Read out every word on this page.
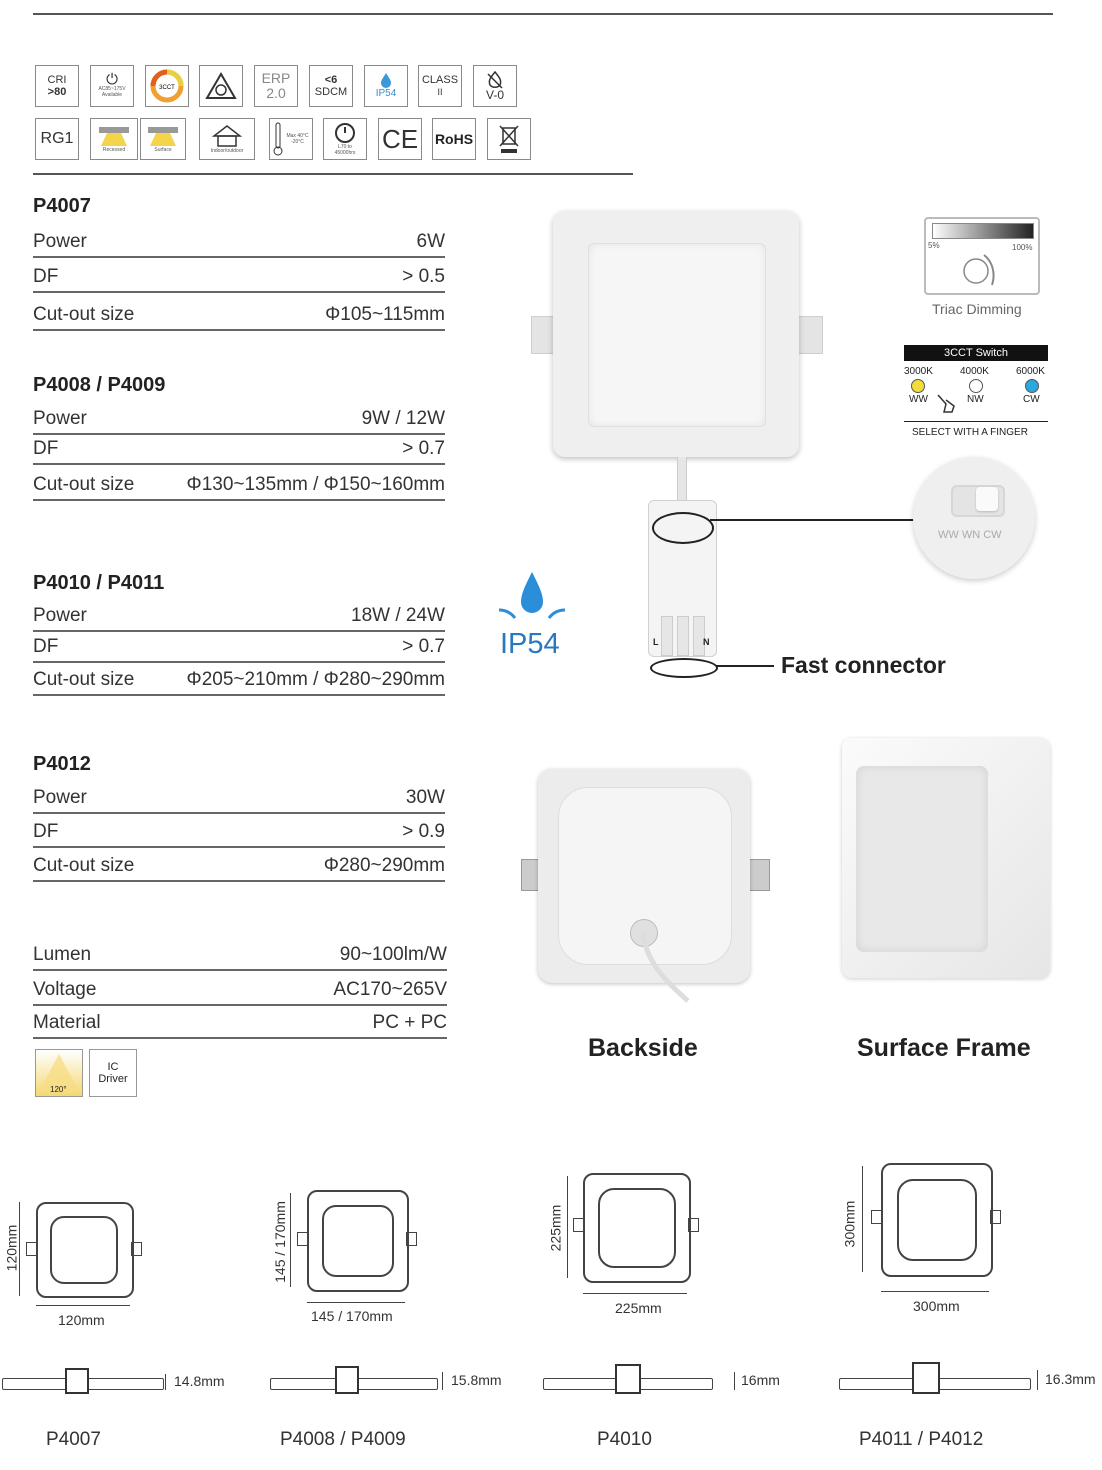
CRI
>80
⏻
AC85~175V Available
3CCT
ERP
2.0
<6
SDCM	IP54
CLASS
II	V-0
RG1
Recessed	Surface	Indoor/outdoor
Max 40°C
-20°C
L70 to
45000hrs CE RoHS
P4007
Power	6W
DF	> 0.5
Cut-out size	Φ105~115mm
P4008 / P4009
Power	9W / 12W
DF	> 0.7
Cut-out size	Φ130~135mm / Φ150~160mm
P4010 / P4011
Power	18W / 24W
DF	> 0.7
Cut-out size	Φ205~210mm / Φ280~290mm
P4012
Power	30W
DF	> 0.9
Cut-out size	Φ280~290mm
Lumen	90~100lm/W
Voltage	AC170~265V
Material	PC + PC
120°
IC Driver
L	N
Fast connector
WW WN CW
IP54
5%	100%
Triac Dimming
3CCT Switch
3000K	4000K	6000K
WW	NW	CW
SELECT WITH A FINGER
Backside	Surface Frame
120mm
120mm
145 / 170mm
145 / 170mm
225mm
225mm
300mm
300mm
14.8mm	15.8mm	16mm	16.3mm
P4007	P4008 / P4009	P4010	P4011 / P4012
